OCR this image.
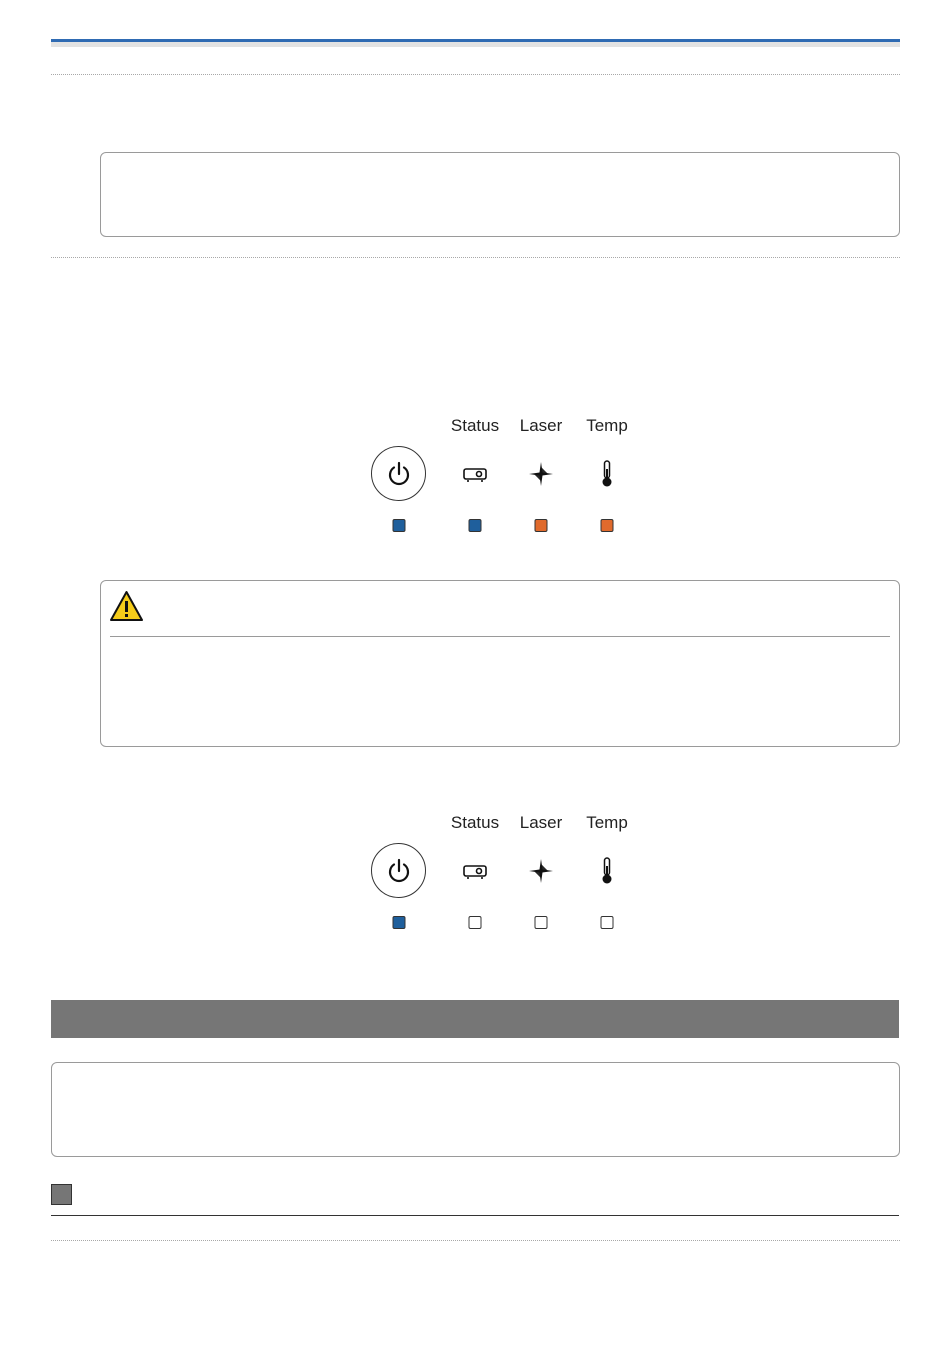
Status Laser Temp
Status Laser Temp
